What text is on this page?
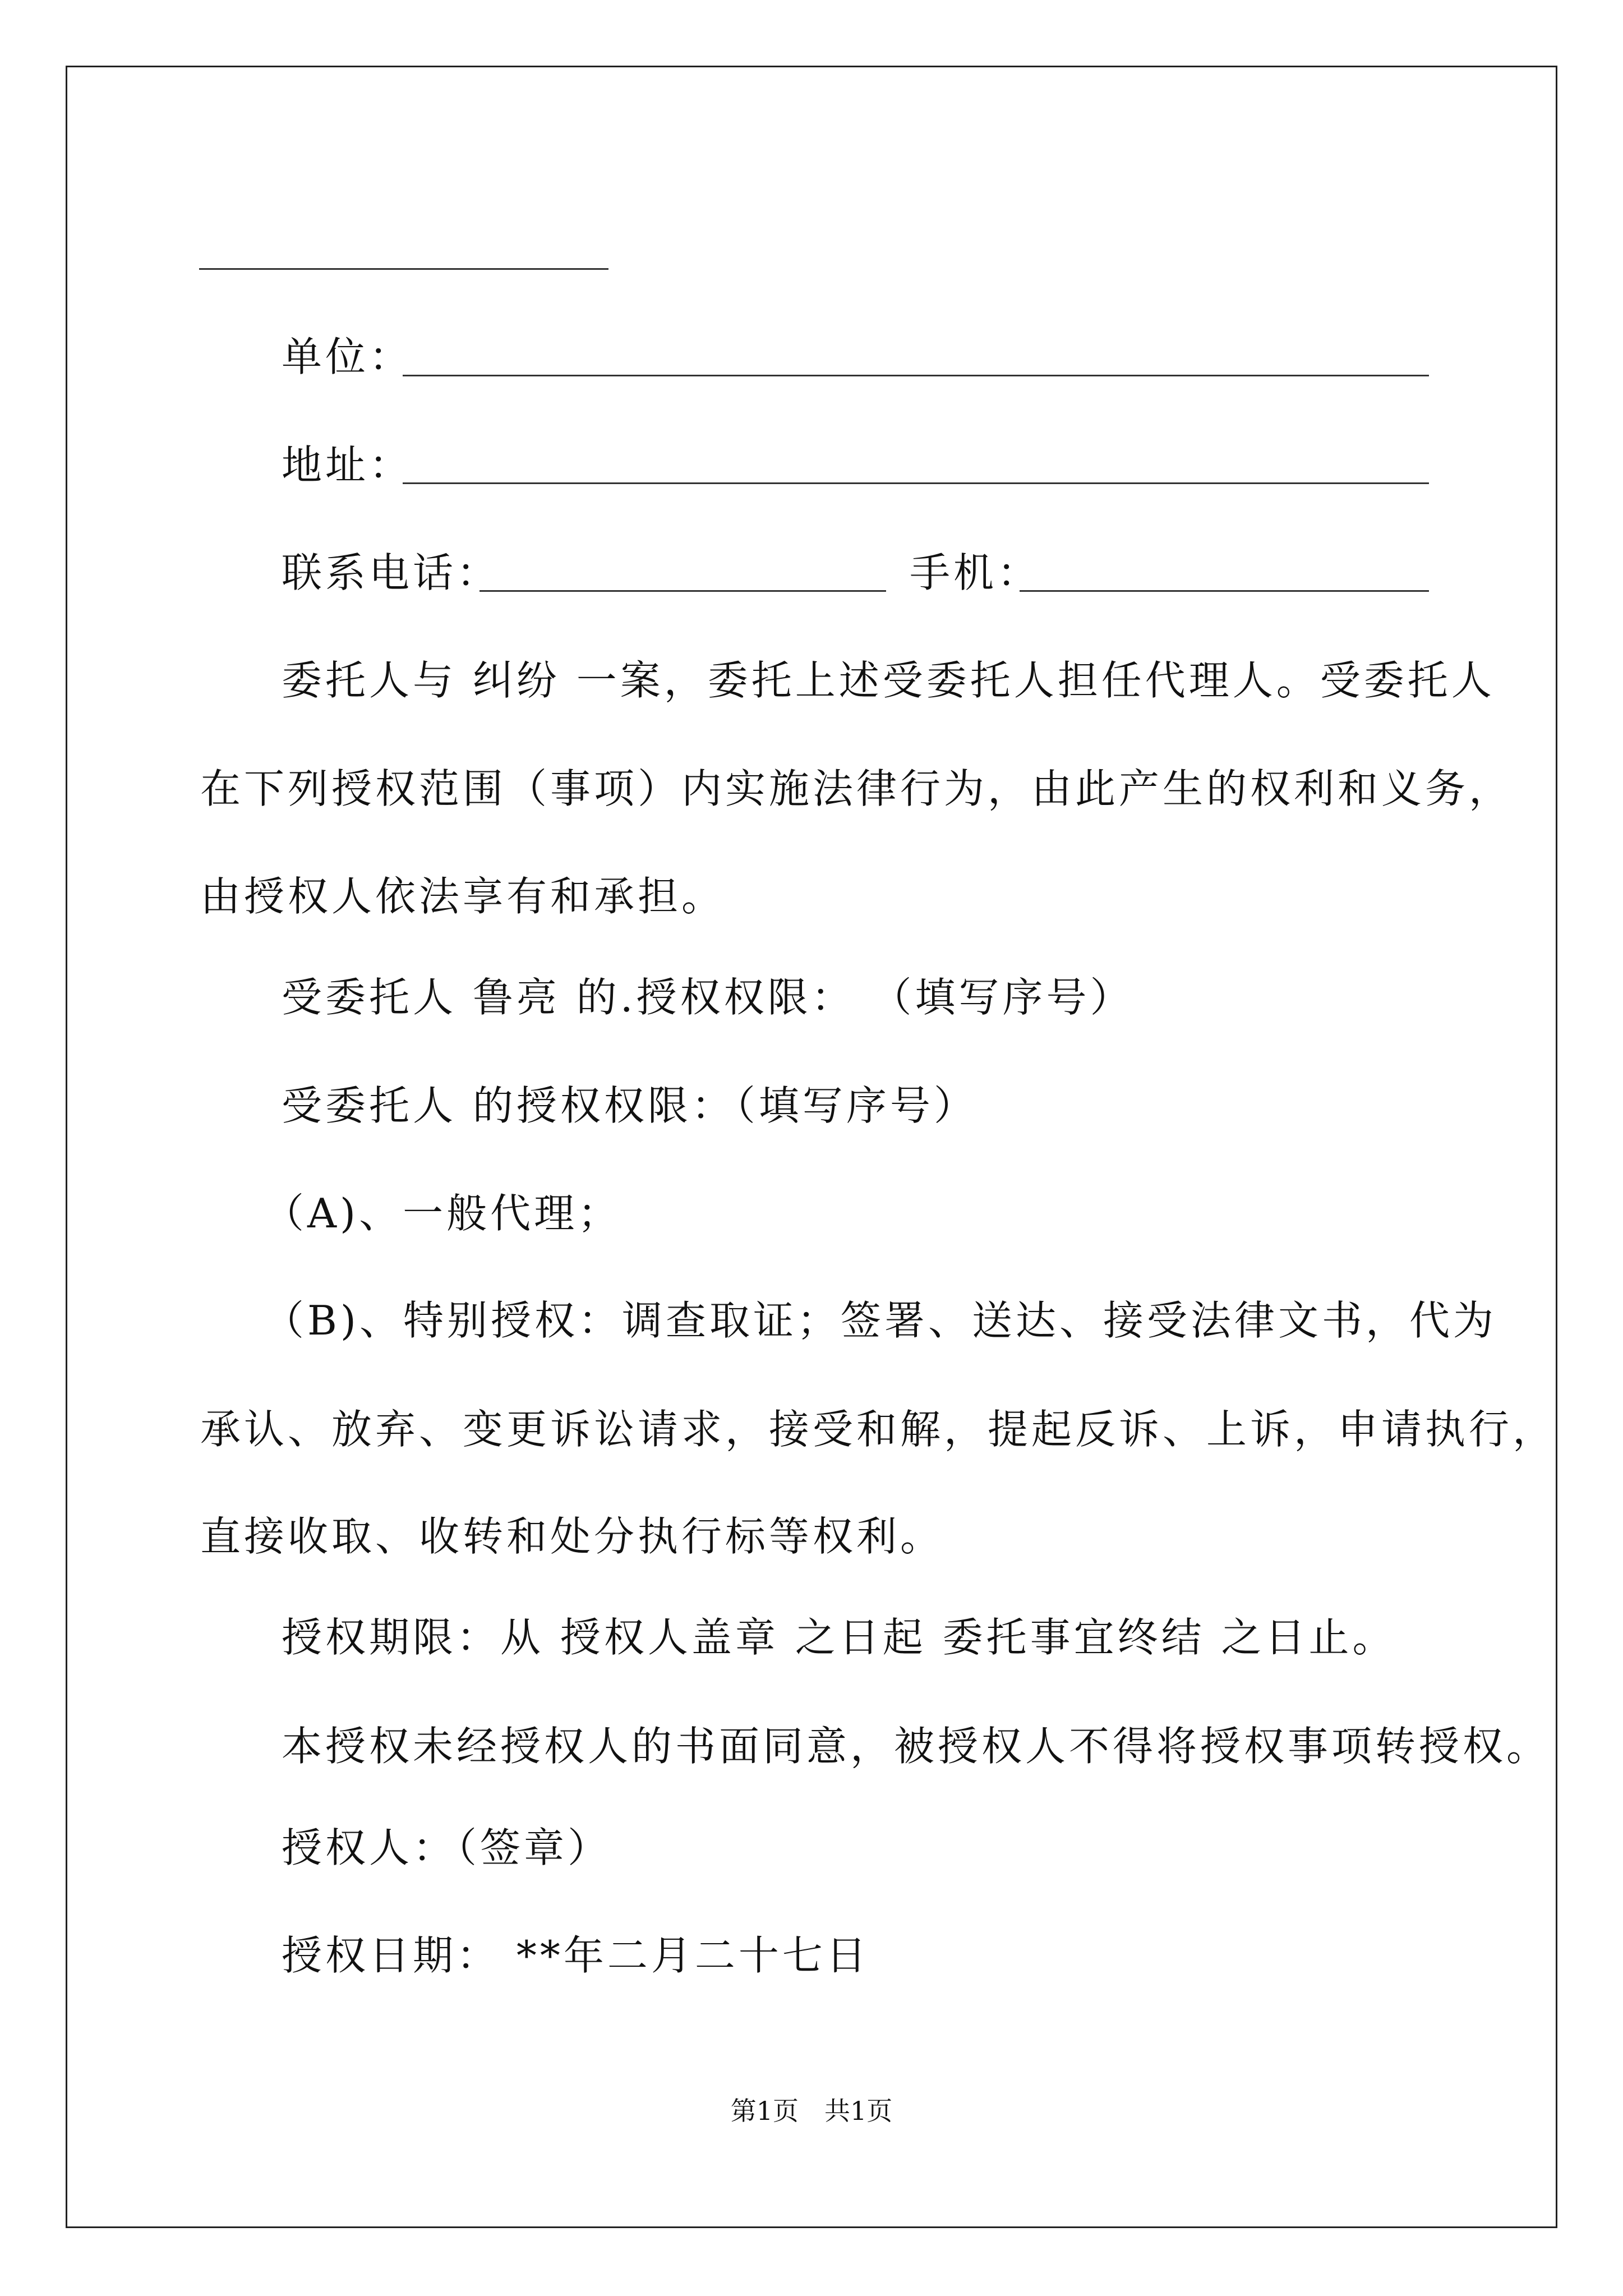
单位：
地址：
联系电话：	手机：
委托人与 纠纷 一案，委托上述受委托人担任代理人。受委托人
在下列授权范围（事项）内实施法律行为，由此产生的权利和义务，
由授权人依法享有和承担。
受委托人 鲁亮 的.授权权限： （填写序号）
受委托人 的授权权限：（填写序号）
（A)、一般代理；
（B)、特别授权：调查取证；签署、送达、接受法律文书，代为
承认、放弃、变更诉讼请求，接受和解，提起反诉、上诉，申请执行，
直接收取、收转和处分执行标等权利。
授权期限：从 授权人盖章 之日起 委托事宜终结 之日止。
本授权未经授权人的书面同意，被授权人不得将授权事项转授权。
授权人：（签章）
授权日期： **年二月二十七日
第1页　共1页
